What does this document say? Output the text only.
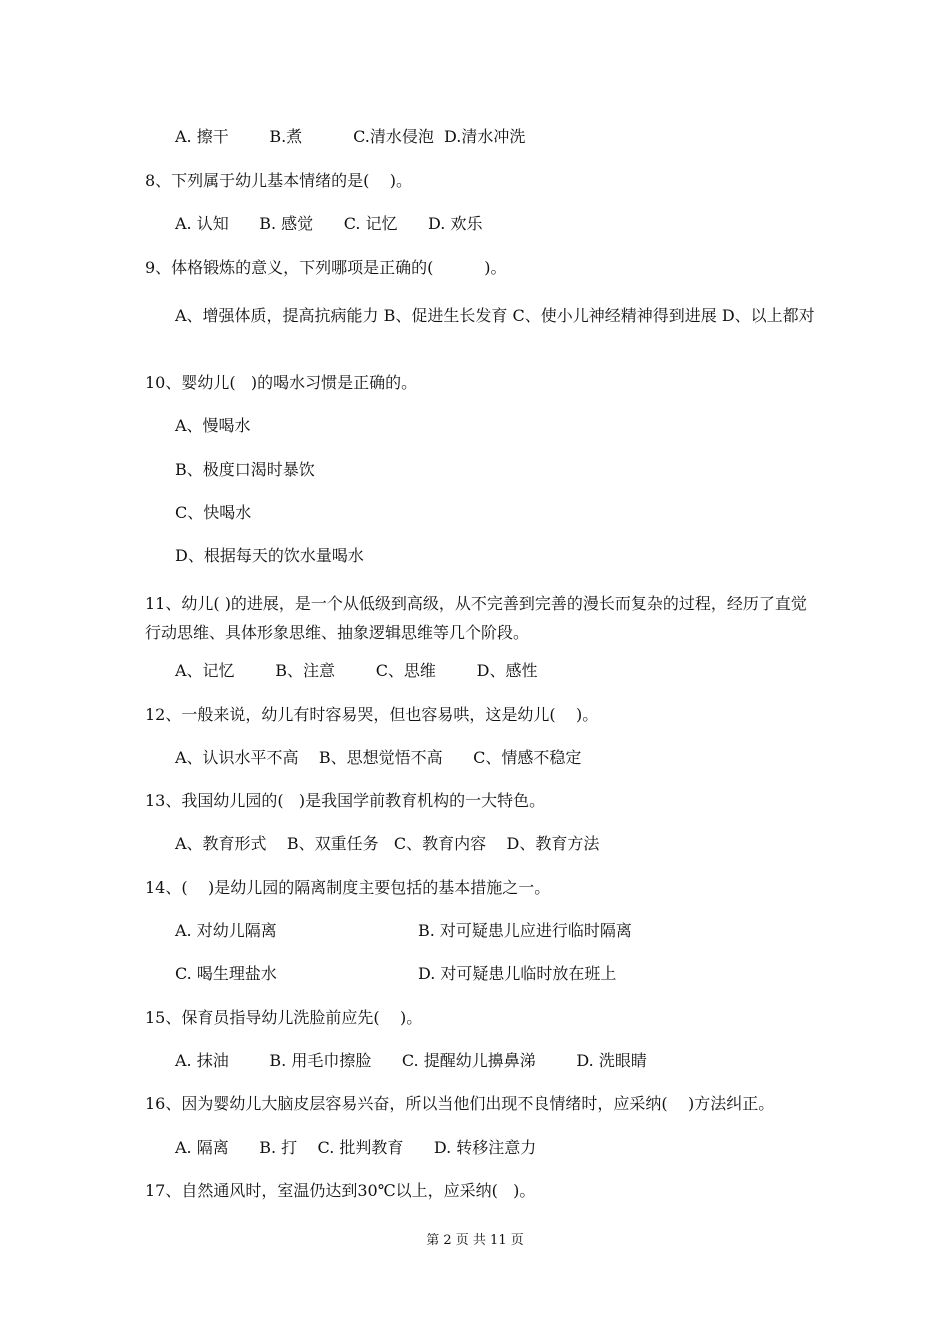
A. 擦干        B.煮          C.清水侵泡  D.清水冲洗
8、下列属于幼儿基本情绪的是(    )。
A. 认知      B. 感觉      C. 记忆      D. 欢乐
9、体格锻炼的意义，下列哪项是正确的(          )。
A、增强体质，提高抗病能力 B、促进生长发育 C、使小儿神经精神得到进展 D、以上都对
10、婴幼儿(   )的喝水习惯是正确的。
A、慢喝水
B、极度口渴时暴饮
C、快喝水
D、根据每天的饮水量喝水
11、幼儿( )的进展，是一个从低级到高级，从不完善到完善的漫长而复杂的过程，经历了直觉行动思维、具体形象思维、抽象逻辑思维等几个阶段。
A、记忆        B、注意        C、思维        D、感性
12、一般来说，幼儿有时容易哭，但也容易哄，这是幼儿(    )。
A、认识水平不高    B、思想觉悟不高      C、情感不稳定
13、我国幼儿园的(   )是我国学前教育机构的一大特色。
A、教育形式    B、双重任务   C、教育内容    D、教育方法
14、(    )是幼儿园的隔离制度主要包括的基本措施之一。
A. 对幼儿隔离	B. 对可疑患儿应进行临时隔离
C. 喝生理盐水	D. 对可疑患儿临时放在班上
15、保育员指导幼儿洗脸前应先(    )。
A. 抹油        B. 用毛巾擦脸      C. 提醒幼儿擤鼻涕        D. 洗眼睛
16、因为婴幼儿大脑皮层容易兴奋，所以当他们出现不良情绪时，应采纳(    )方法纠正。
A. 隔离      B. 打    C. 批判教育      D. 转移注意力
17、自然通风时，室温仍达到30℃以上，应采纳(   )。
第 2 页 共 11 页
